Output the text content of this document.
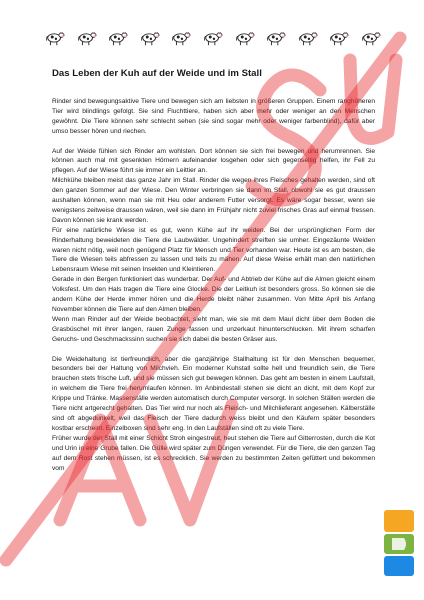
Das Leben der Kuh auf der Weide und im Stall

Rinder sind bewegungsaktive Tiere und bewegen sich am liebsten in größeren Gruppen. Einem ranghöheren Tier wird blindlings gefolgt. Sie sind Fluchttiere, haben sich aber mehr oder weniger an den Menschen gewöhnt. Die Tiere können sehr schlecht sehen (sie sind sogar mehr oder weniger farbenblind), dafür aber umso besser hören und riechen.

Auf der Weide fühlen sich Rinder am wohlsten. Dort können sie sich frei bewegen und herumrennen. Sie können auch mal mit gesenkten Hörnern aufeinander losgehen oder sich gegenseitig helfen, ihr Fell zu pflegen. Auf der Wiese führt sie immer ein Leittier an.

Milchkühe bleiben meist das ganze Jahr im Stall. Rinder die wegen ihres Fleisches gehalten werden, sind oft den ganzen Sommer auf der Wiese. Den Winter verbringen sie dann im Stall, obwohl sie es gut draussen aushalten können, wenn man sie mit Heu oder anderem Futter versorgt. Es wäre sogar besser, wenn sie wenigstens zeitweise draussen wären, weil sie dann im Frühjahr nicht zuviel frisches Gras auf einmal fressen. Davon können sie krank werden.

Für eine natürliche Wiese ist es gut, wenn Kühe auf ihr weiden. Bei der ursprünglichen Form der Rinderhaltung beweideten die Tiere die Laubwälder. Ungehindert streiften sie umher. Eingezäunte Weiden waren nicht nötig, weil noch genügend Platz für Mensch und Tier vorhanden war. Heute ist es am besten, die Tiere die Wiesen teils abfressen zu lassen und teils zu mähen. Auf diese Weise erhält man den natürlichen Lebensraum Wiese mit seinen Insekten und Kleintieren.

Gerade in den Bergen funktioniert das wunderbar. Der Auf- und Abtrieb der Kühe auf die Almen gleicht einem Volksfest. Um den Hals tragen die Tiere eine Glocke. Die der Leitkuh ist besonders gross. So können sie die andern Kühe der Herde immer hören und die Herde bleibt näher zusammen. Von Mitte April bis Anfang November können die Tiere auf den Almen bleiben.

Wenn man Rinder auf der Weide beobachtet, sieht man, wie sie mit dem Maul dicht über dem Boden die Grasbüschel mit ihrer langen, rauen Zunge fassen und unzerkaut hinunterschlucken. Mit ihrem scharfen Geruchs- und Geschmackssinn suchen sie sich dabei die besten Gräser aus.

Die Weidehaltung ist tierfreundlich, aber die ganzjährige Stallhaltung ist für den Menschen bequemer, besonders bei der Haltung von Milchvieh. Ein moderner Kuhstall sollte hell und freundlich sein, die Tiere brauchen stets frische Luft, und sie müssen sich gut bewegen können. Das geht am besten in einem Laufstall, in welchem die Tiere frei herumlaufen können. Im Anbindestall stehen sie dicht an dicht, mit dem Kopf zur Krippe und Tränke. Massenställe werden automatisch durch Computer versorgt. In solchen Ställen werden die Tiere nicht artgerecht gehalten. Das Tier wird nur noch als Fleisch- und Milchlieferant angesehen. Kälberställe sind oft abgedunkelt, weil das Fleisch der Tiere dadurch weiss bleibt und den Käufern später besonders kostbar erscheint. Einzelboxen sind sehr eng. In den Laufställen sind oft zu viele Tiere.

Früher wurde der Stall mit einer Schicht Stroh eingestreut, heut stehen die Tiere auf Gitterrosten, durch die Kot und Urin in eine Grube fallen. Die Gülle wird später zum Düngen verwendet. Für die Tiere, die den ganzen Tag auf dem Rost stehen müssen, ist es schrecklich. Sie werden zu bestimmten Zeiten gefüttert und bekommen vom
